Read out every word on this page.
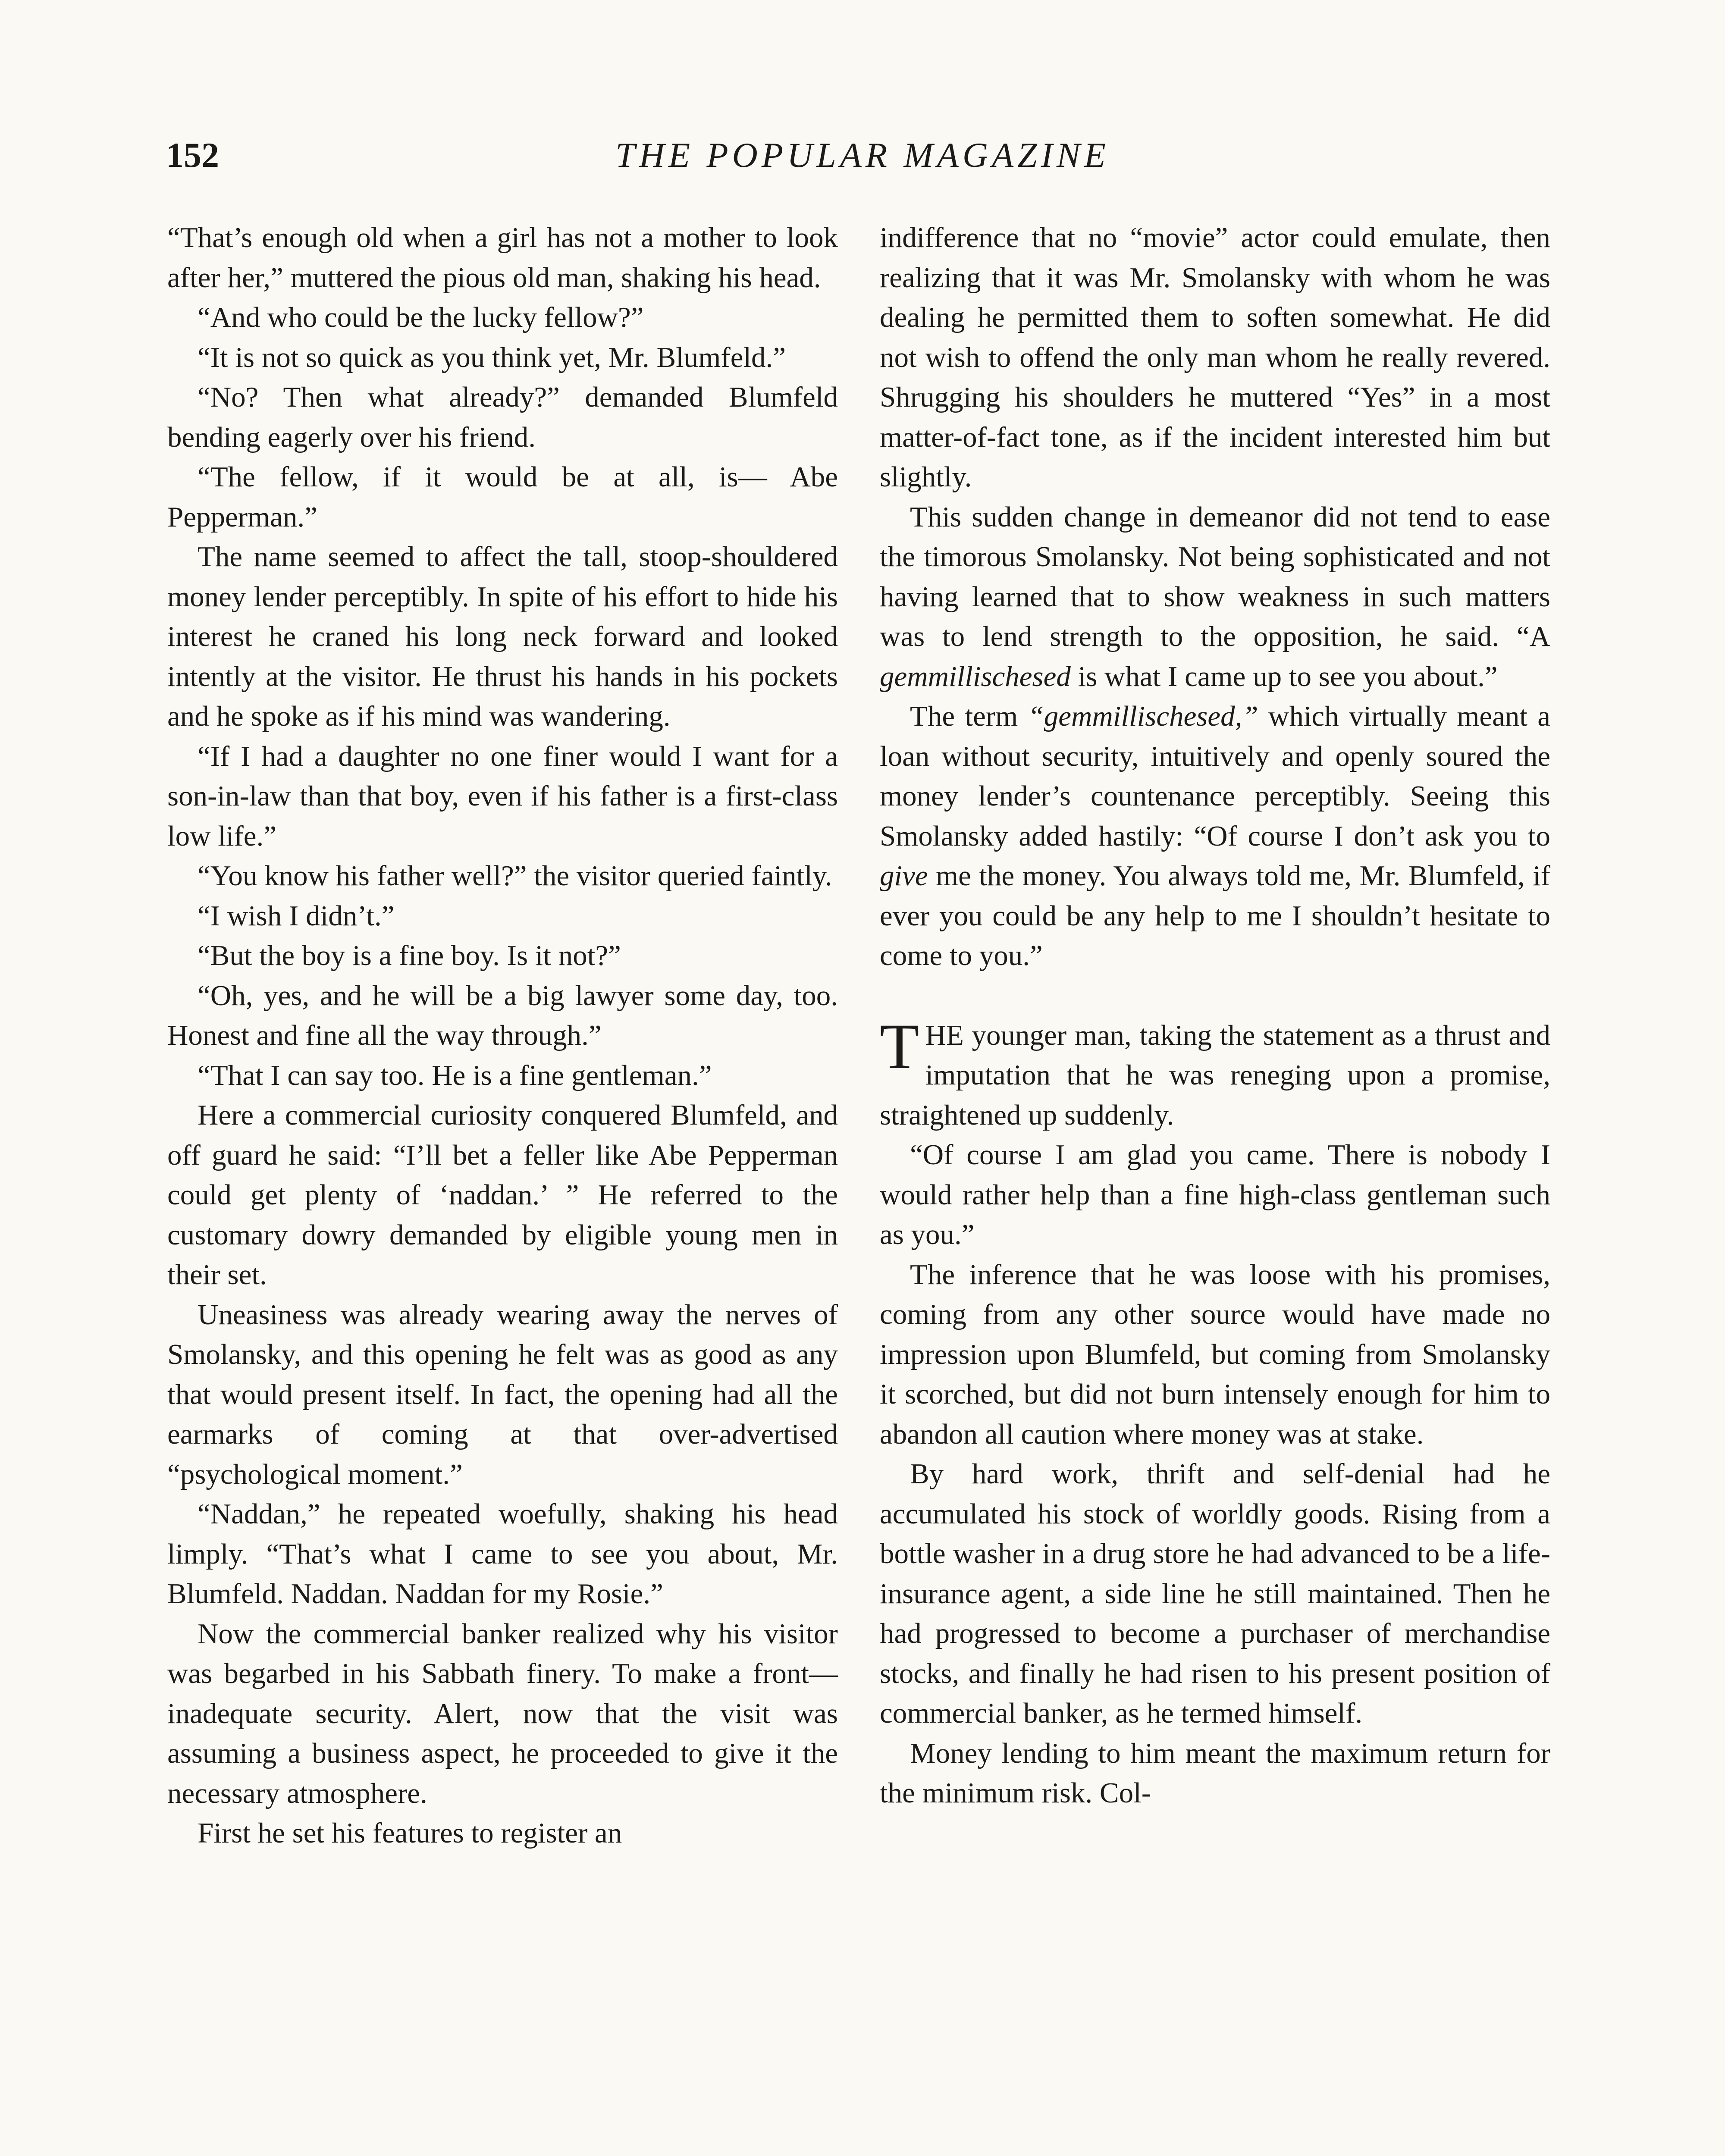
152	THE POPULAR MAGAZINE

“That’s enough old when a girl has not a mother to look after her,” muttered the pious old man, shaking his head.

“And who could be the lucky fellow?”

“It is not so quick as you think yet, Mr. Blumfeld.”

“No? Then what already?” demanded Blumfeld bending eagerly over his friend.

“The fellow, if it would be at all, is— Abe Pepperman.”

The name seemed to affect the tall, stoop-shouldered money lender perceptibly. In spite of his effort to hide his interest he craned his long neck forward and looked intently at the visitor. He thrust his hands in his pockets and he spoke as if his mind was wandering.

“If I had a daughter no one finer would I want for a son-in-law than that boy, even if his father is a first-class low life.”

“You know his father well?” the visitor queried faintly.

“I wish I didn’t.”

“But the boy is a fine boy. Is it not?”

“Oh, yes, and he will be a big lawyer some day, too. Honest and fine all the way through.”

“That I can say too. He is a fine gentleman.”

Here a commercial curiosity conquered Blumfeld, and off guard he said: “I’ll bet a feller like Abe Pepperman could get plenty of ‘naddan.’ ” He referred to the customary dowry demanded by eligible young men in their set.

Uneasiness was already wearing away the nerves of Smolansky, and this opening he felt was as good as any that would present itself. In fact, the opening had all the earmarks of coming at that over-advertised “psychological moment.”

“Naddan,” he repeated woefully, shaking his head limply. “That’s what I came to see you about, Mr. Blumfeld. Naddan. Naddan for my Rosie.”

Now the commercial banker realized why his visitor was begarbed in his Sabbath finery. To make a front—inadequate security. Alert, now that the visit was assuming a business aspect, he proceeded to give it the necessary atmosphere.

First he set his features to register an

indifference that no “movie” actor could emulate, then realizing that it was Mr. Smolansky with whom he was dealing he permitted them to soften somewhat. He did not wish to offend the only man whom he really revered. Shrugging his shoulders he muttered “Yes” in a most matter-of-fact tone, as if the incident interested him but slightly.

This sudden change in demeanor did not tend to ease the timorous Smolansky. Not being sophisticated and not having learned that to show weakness in such matters was to lend strength to the opposition, he said. “A gemmillischesed is what I came up to see you about.”

The term “gemmillischesed,” which virtually meant a loan without security, intuitively and openly soured the money lender’s countenance perceptibly. Seeing this Smolansky added hastily: “Of course I don’t ask you to give me the money. You always told me, Mr. Blumfeld, if ever you could be any help to me I shouldn’t hesitate to come to you.”

THE younger man, taking the statement as a thrust and imputation that he was reneging upon a promise, straightened up suddenly.

“Of course I am glad you came. There is nobody I would rather help than a fine high-class gentleman such as you.”

The inference that he was loose with his promises, coming from any other source would have made no impression upon Blumfeld, but coming from Smolansky it scorched, but did not burn intensely enough for him to abandon all caution where money was at stake.

By hard work, thrift and self-denial had he accumulated his stock of worldly goods. Rising from a bottle washer in a drug store he had advanced to be a life-insurance agent, a side line he still maintained. Then he had progressed to become a purchaser of merchandise stocks, and finally he had risen to his present position of commercial banker, as he termed himself.

Money lending to him meant the maximum return for the minimum risk. Col-
